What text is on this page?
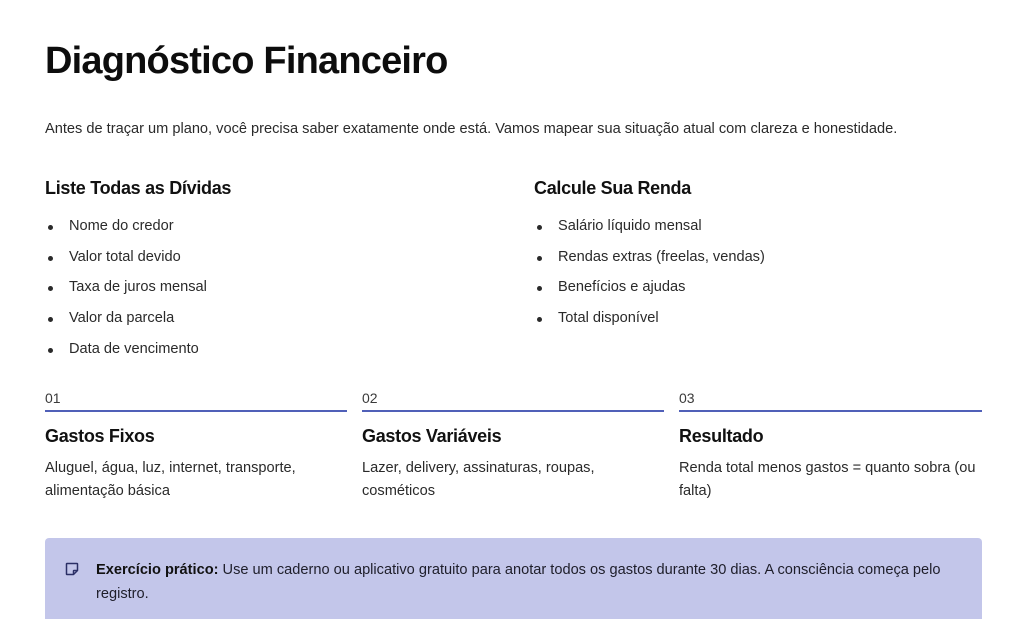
Diagnóstico Financeiro

Antes de traçar um plano, você precisa saber exatamente onde está. Vamos mapear sua situação atual com clareza e honestidade.

Liste Todas as Dívidas
Nome do credor
Valor total devido
Taxa de juros mensal
Valor da parcela
Data de vencimento
Calcule Sua Renda
Salário líquido mensal
Rendas extras (freelas, vendas)
Benefícios e ajudas
Total disponível
01
Gastos Fixos

Aluguel, água, luz, internet, transporte, alimentação básica

02
Gastos Variáveis

Lazer, delivery, assinaturas, roupas, cosméticos

03
Resultado

Renda total menos gastos = quanto sobra (ou falta)

Exercício prático: Use um caderno ou aplicativo gratuito para anotar todos os gastos durante 30 dias. A consciência começa pelo registro.
